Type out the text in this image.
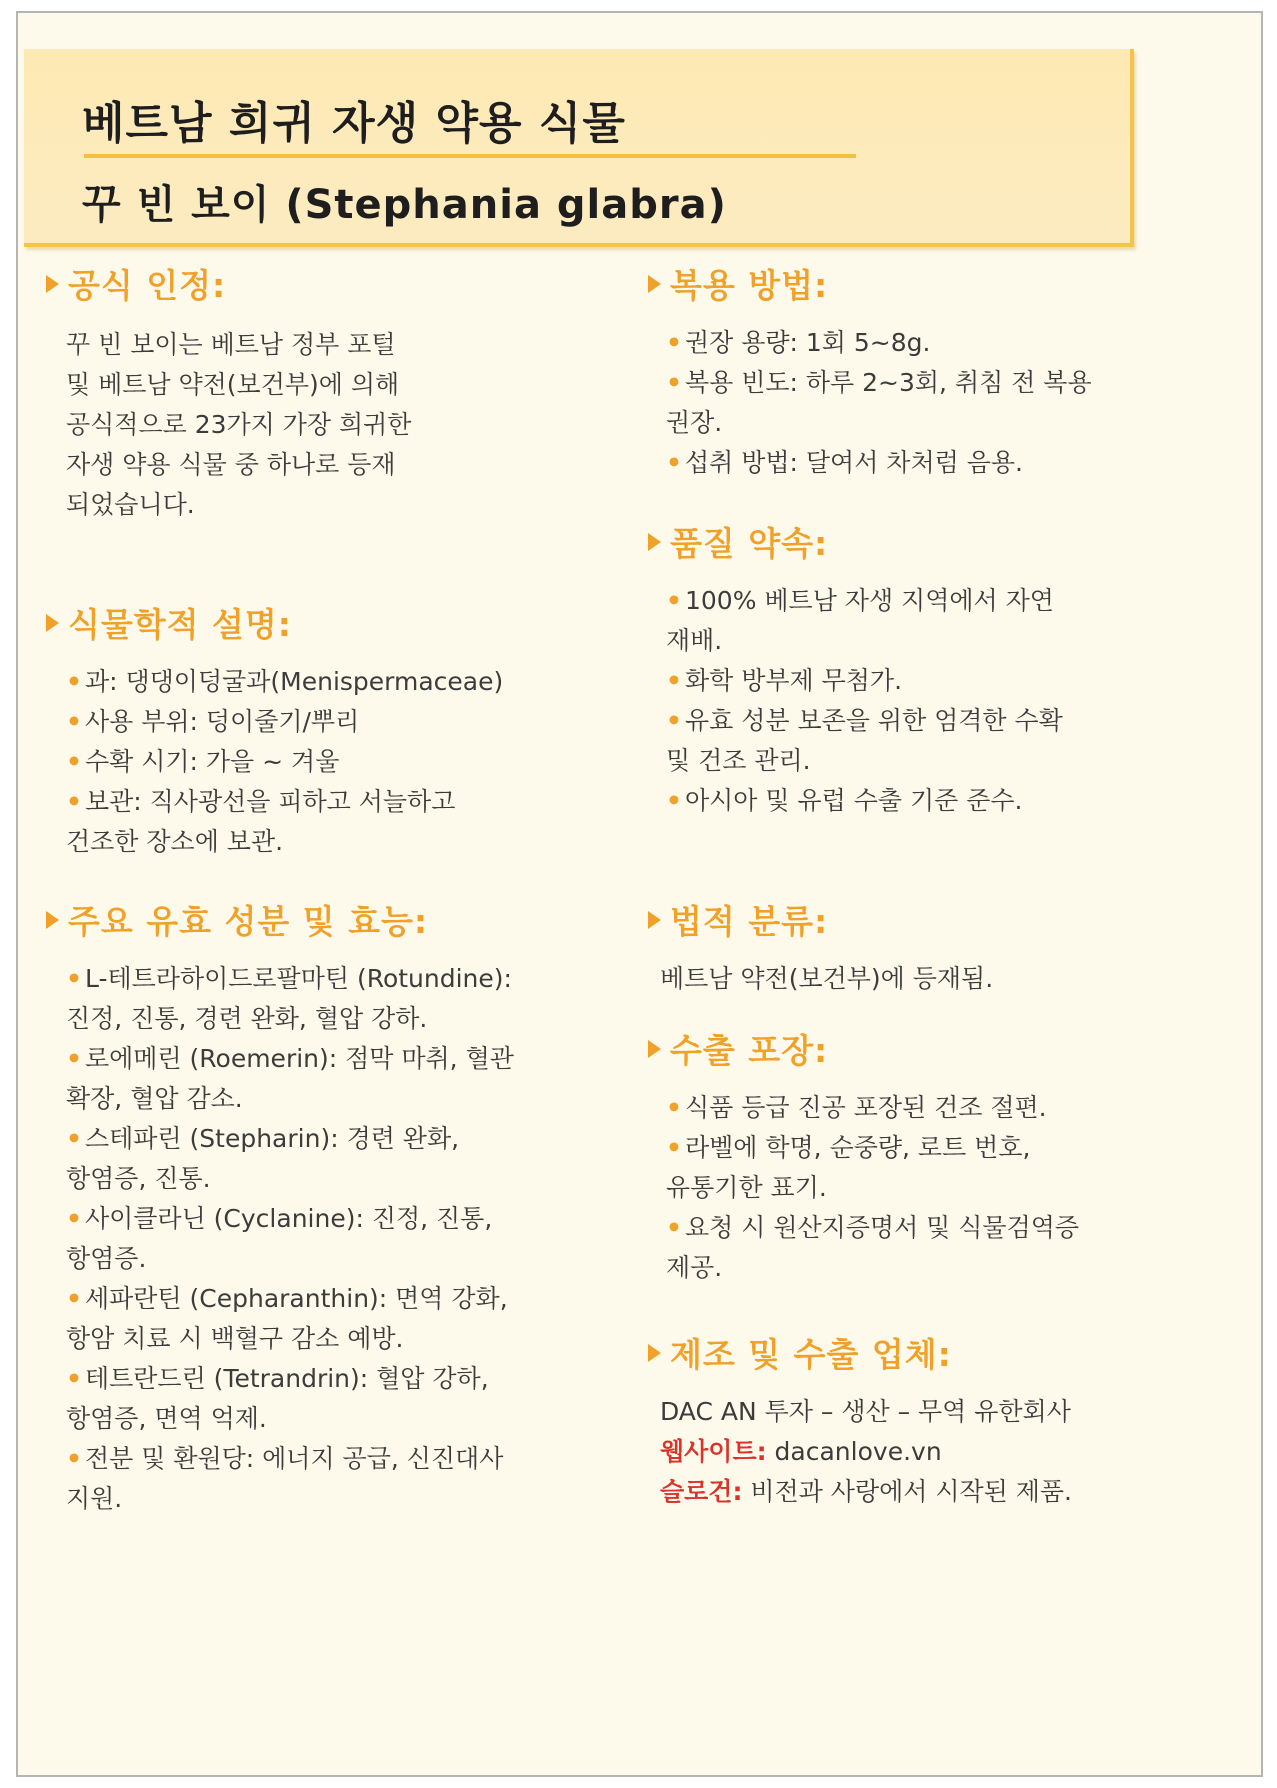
베트남 희귀 자생 약용 식물
꾸 빈 보이 (Stephania glabra)
공식 인정:
꾸 빈 보이는 베트남 정부 포털
및 베트남 약전(보건부)에 의해
공식적으로 23가지 가장 희귀한
자생 약용 식물 중 하나로 등재
되었습니다.
식물학적 설명:
• 과: 댕댕이덩굴과(Menispermaceae)
• 사용 부위: 덩이줄기/뿌리
• 수확 시기: 가을 ~ 겨울
• 보관: 직사광선을 피하고 서늘하고
건조한 장소에 보관.
주요 유효 성분 및 효능:
• L-테트라하이드로팔마틴 (Rotundine):
진정, 진통, 경련 완화, 혈압 강하.
• 로에메린 (Roemerin): 점막 마취, 혈관
확장, 혈압 감소.
• 스테파린 (Stepharin): 경련 완화,
항염증, 진통.
• 사이클라닌 (Cyclanine): 진정, 진통,
항염증.
• 세파란틴 (Cepharanthin): 면역 강화,
항암 치료 시 백혈구 감소 예방.
• 테트란드린 (Tetrandrin): 혈압 강하,
항염증, 면역 억제.
• 전분 및 환원당: 에너지 공급, 신진대사
지원.
복용 방법:
• 권장 용량: 1회 5~8g.
• 복용 빈도: 하루 2~3회, 취침 전 복용
권장.
• 섭취 방법: 달여서 차처럼 음용.
품질 약속:
• 100% 베트남 자생 지역에서 자연
재배.
• 화학 방부제 무첨가.
• 유효 성분 보존을 위한 엄격한 수확
및 건조 관리.
• 아시아 및 유럽 수출 기준 준수.
법적 분류:
베트남 약전(보건부)에 등재됨.
수출 포장:
• 식품 등급 진공 포장된 건조 절편.
• 라벨에 학명, 순중량, 로트 번호,
유통기한 표기.
• 요청 시 원산지증명서 및 식물검역증
제공.
제조 및 수출 업체:
DAC AN 투자 – 생산 – 무역 유한회사
웹사이트: dacanlove.vn
슬로건: 비전과 사랑에서 시작된 제품.
